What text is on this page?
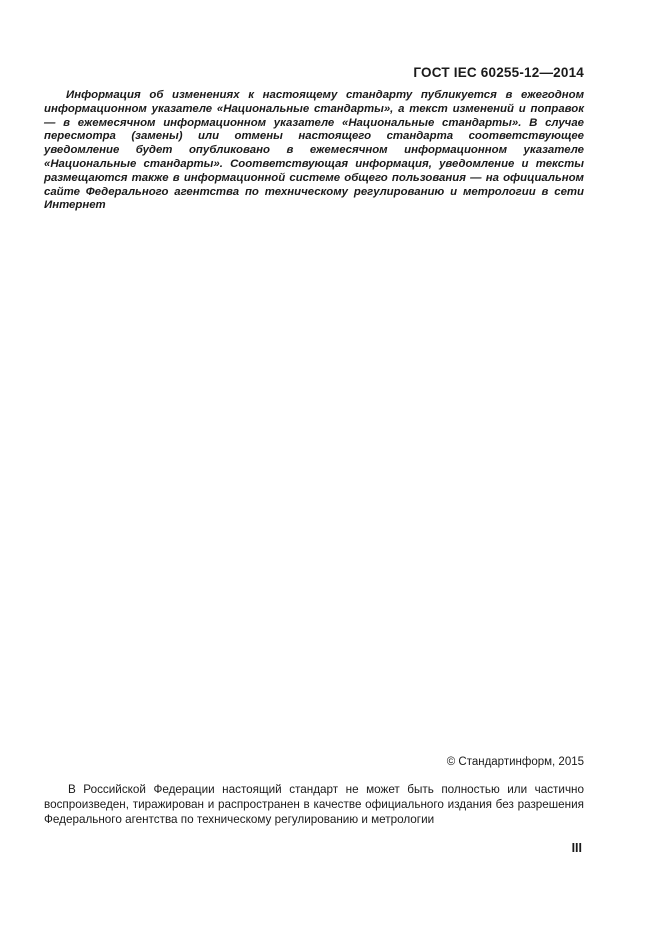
ГОСТ IEC 60255-12—2014

Информация об изменениях к настоящему стандарту публикуется в ежегодном информационном указателе «Национальные стандарты», а текст изменений и поправок — в ежемесячном информационном указателе «Национальные стандарты». В случае пересмотра (замены) или отмены настоящего стандарта соответствующее уведомление будет опубликовано в ежемесячном информационном указателе «Национальные стандарты». Соответствующая информация, уведомление и тексты размещаются также в информационной системе общего пользования — на официальном сайте Федерального агентства по техническому регулированию и метрологии в сети Интернет

© Стандартинформ, 2015

В Российской Федерации настоящий стандарт не может быть полностью или частично воспроизведен, тиражирован и распространен в качестве официального издания без разрешения Федерального агентства по техническому регулированию и метрологии

III
